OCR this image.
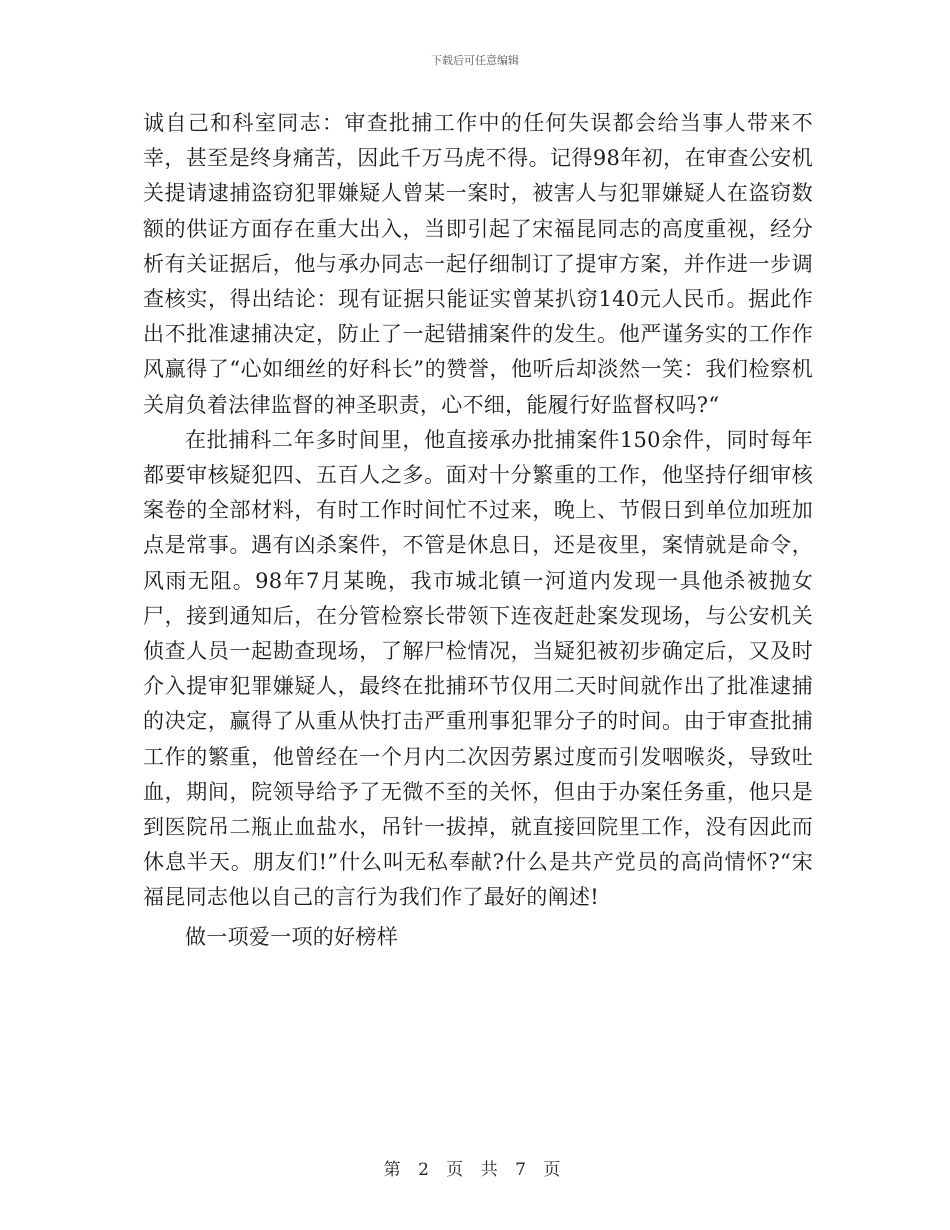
下载后可任意编辑

诚自己和科室同志：审查批捕工作中的任何失误都会给当事人带来不幸，甚至是终身痛苦，因此千万马虎不得。记得98年初，在审查公安机关提请逮捕盗窃犯罪嫌疑人曾某一案时，被害人与犯罪嫌疑人在盗窃数额的供证方面存在重大出入，当即引起了宋福昆同志的高度重视，经分析有关证据后，他与承办同志一起仔细制订了提审方案，并作进一步调查核实，得出结论：现有证据只能证实曾某扒窃140元人民币。据此作出不批准逮捕决定，防止了一起错捕案件的发生。他严谨务实的工作作风赢得了“心如细丝的好科长”的赞誉，他听后却淡然一笑：我们检察机关肩负着法律监督的神圣职责，心不细，能履行好监督权吗?“

在批捕科二年多时间里，他直接承办批捕案件150余件，同时每年都要审核疑犯四、五百人之多。面对十分繁重的工作，他坚持仔细审核案卷的全部材料，有时工作时间忙不过来，晚上、节假日到单位加班加点是常事。遇有凶杀案件，不管是休息日，还是夜里，案情就是命令，风雨无阻。98年7月某晚，我市城北镇一河道内发现一具他杀被抛女尸，接到通知后，在分管检察长带领下连夜赶赴案发现场，与公安机关侦查人员一起勘查现场，了解尸检情况，当疑犯被初步确定后，又及时介入提审犯罪嫌疑人，最终在批捕环节仅用二天时间就作出了批准逮捕的决定，赢得了从重从快打击严重刑事犯罪分子的时间。由于审查批捕工作的繁重，他曾经在一个月内二次因劳累过度而引发咽喉炎，导致吐血，期间，院领导给予了无微不至的关怀，但由于办案任务重，他只是到医院吊二瓶止血盐水，吊针一拔掉，就直接回院里工作，没有因此而休息半天。朋友们!”什么叫无私奉献?什么是共产党员的高尚情怀?“宋福昆同志他以自己的言行为我们作了最好的阐述!

做一项爱一项的好榜样

第 2 页 共 7 页
